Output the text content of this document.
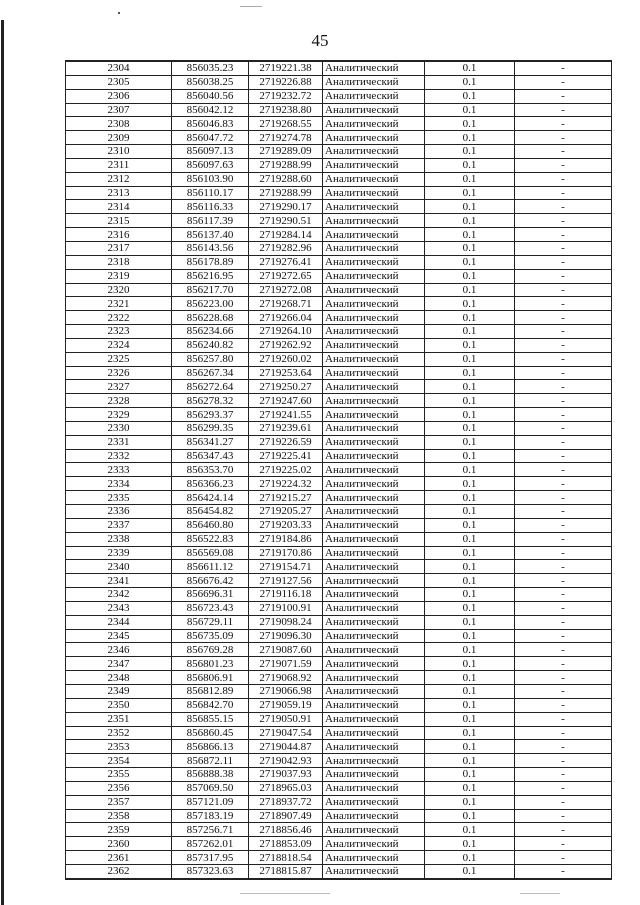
45
2304	856035.23	2719221.38	Аналитический	0.1	-
2305	856038.25	2719226.88	Аналитический	0.1	-
2306	856040.56	2719232.72	Аналитический	0.1	-
2307	856042.12	2719238.80	Аналитический	0.1	-
2308	856046.83	2719268.55	Аналитический	0.1	-
2309	856047.72	2719274.78	Аналитический	0.1	-
2310	856097.13	2719289.09	Аналитический	0.1	-
2311	856097.63	2719288.99	Аналитический	0.1	-
2312	856103.90	2719288.60	Аналитический	0.1	-
2313	856110.17	2719288.99	Аналитический	0.1	-
2314	856116.33	2719290.17	Аналитический	0.1	-
2315	856117.39	2719290.51	Аналитический	0.1	-
2316	856137.40	2719284.14	Аналитический	0.1	-
2317	856143.56	2719282.96	Аналитический	0.1	-
2318	856178.89	2719276.41	Аналитический	0.1	-
2319	856216.95	2719272.65	Аналитический	0.1	-
2320	856217.70	2719272.08	Аналитический	0.1	-
2321	856223.00	2719268.71	Аналитический	0.1	-
2322	856228.68	2719266.04	Аналитический	0.1	-
2323	856234.66	2719264.10	Аналитический	0.1	-
2324	856240.82	2719262.92	Аналитический	0.1	-
2325	856257.80	2719260.02	Аналитический	0.1	-
2326	856267.34	2719253.64	Аналитический	0.1	-
2327	856272.64	2719250.27	Аналитический	0.1	-
2328	856278.32	2719247.60	Аналитический	0.1	-
2329	856293.37	2719241.55	Аналитический	0.1	-
2330	856299.35	2719239.61	Аналитический	0.1	-
2331	856341.27	2719226.59	Аналитический	0.1	-
2332	856347.43	2719225.41	Аналитический	0.1	-
2333	856353.70	2719225.02	Аналитический	0.1	-
2334	856366.23	2719224.32	Аналитический	0.1	-
2335	856424.14	2719215.27	Аналитический	0.1	-
2336	856454.82	2719205.27	Аналитический	0.1	-
2337	856460.80	2719203.33	Аналитический	0.1	-
2338	856522.83	2719184.86	Аналитический	0.1	-
2339	856569.08	2719170.86	Аналитический	0.1	-
2340	856611.12	2719154.71	Аналитический	0.1	-
2341	856676.42	2719127.56	Аналитический	0.1	-
2342	856696.31	2719116.18	Аналитический	0.1	-
2343	856723.43	2719100.91	Аналитический	0.1	-
2344	856729.11	2719098.24	Аналитический	0.1	-
2345	856735.09	2719096.30	Аналитический	0.1	-
2346	856769.28	2719087.60	Аналитический	0.1	-
2347	856801.23	2719071.59	Аналитический	0.1	-
2348	856806.91	2719068.92	Аналитический	0.1	-
2349	856812.89	2719066.98	Аналитический	0.1	-
2350	856842.70	2719059.19	Аналитический	0.1	-
2351	856855.15	2719050.91	Аналитический	0.1	-
2352	856860.45	2719047.54	Аналитический	0.1	-
2353	856866.13	2719044.87	Аналитический	0.1	-
2354	856872.11	2719042.93	Аналитический	0.1	-
2355	856888.38	2719037.93	Аналитический	0.1	-
2356	857069.50	2718965.03	Аналитический	0.1	-
2357	857121.09	2718937.72	Аналитический	0.1	-
2358	857183.19	2718907.49	Аналитический	0.1	-
2359	857256.71	2718856.46	Аналитический	0.1	-
2360	857262.01	2718853.09	Аналитический	0.1	-
2361	857317.95	2718818.54	Аналитический	0.1	-
2362	857323.63	2718815.87	Аналитический	0.1	-
